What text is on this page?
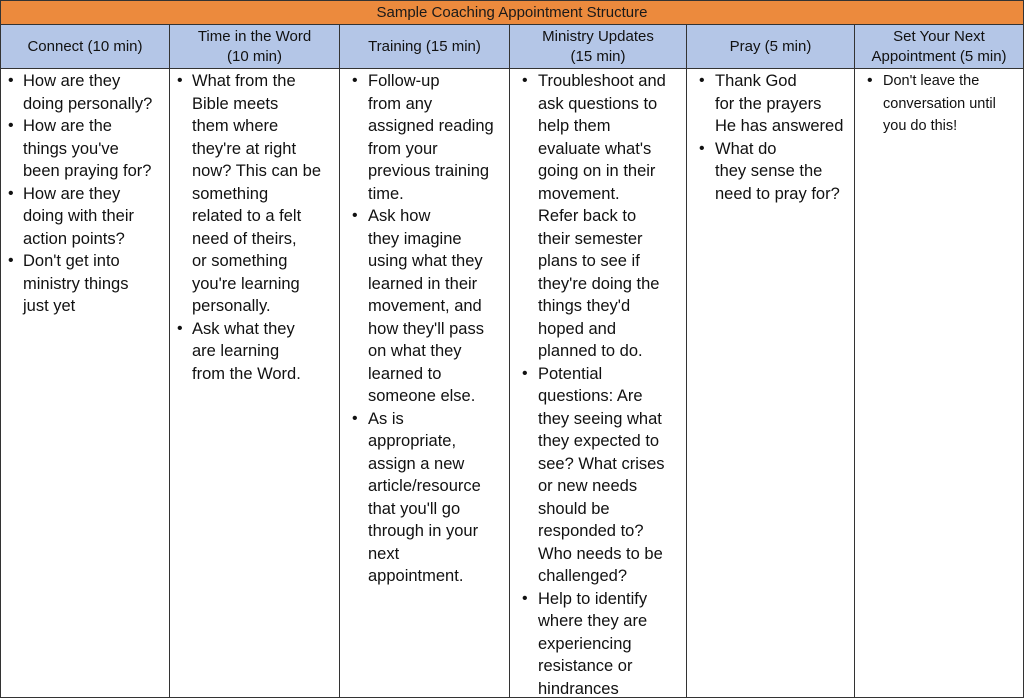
Sample Coaching Appointment Structure
Connect (10 min)
Time in the Word
(10 min)
Training (15 min)
Ministry Updates
(15 min)
Pray (5 min)
Set Your Next
Appointment (5 min)
• How are they
doing personally?
• How are the
things you've
been praying for?
• How are they
doing with their
action points?
• Don't get into
ministry things
just yet
• What from the
Bible meets
them where
they're at right
now? This can be
something
related to a felt
need of theirs,
or something
you're learning
personally.
• Ask what they
are learning
from the Word.
• Follow-up
from any
assigned reading
from your
previous training
time.
• Ask how
they imagine
using what they
learned in their
movement, and
how they'll pass
on what they
learned to
someone else.
• As is
appropriate,
assign a new
article/resource
that you'll go
through in your
next
appointment.
• Troubleshoot and
ask questions to
help them
evaluate what's
going on in their
movement.
Refer back to
their semester
plans to see if
they're doing the
things they'd
hoped and
planned to do.
• Potential
questions: Are
they seeing what
they expected to
see? What crises
or new needs
should be
responded to?
Who needs to be
challenged?
• Help to identify
where they are
experiencing
resistance or
hindrances
• Thank God
for the prayers
He has answered
• What do
they sense the
need to pray for?
• Don't leave the
conversation until
you do this!
